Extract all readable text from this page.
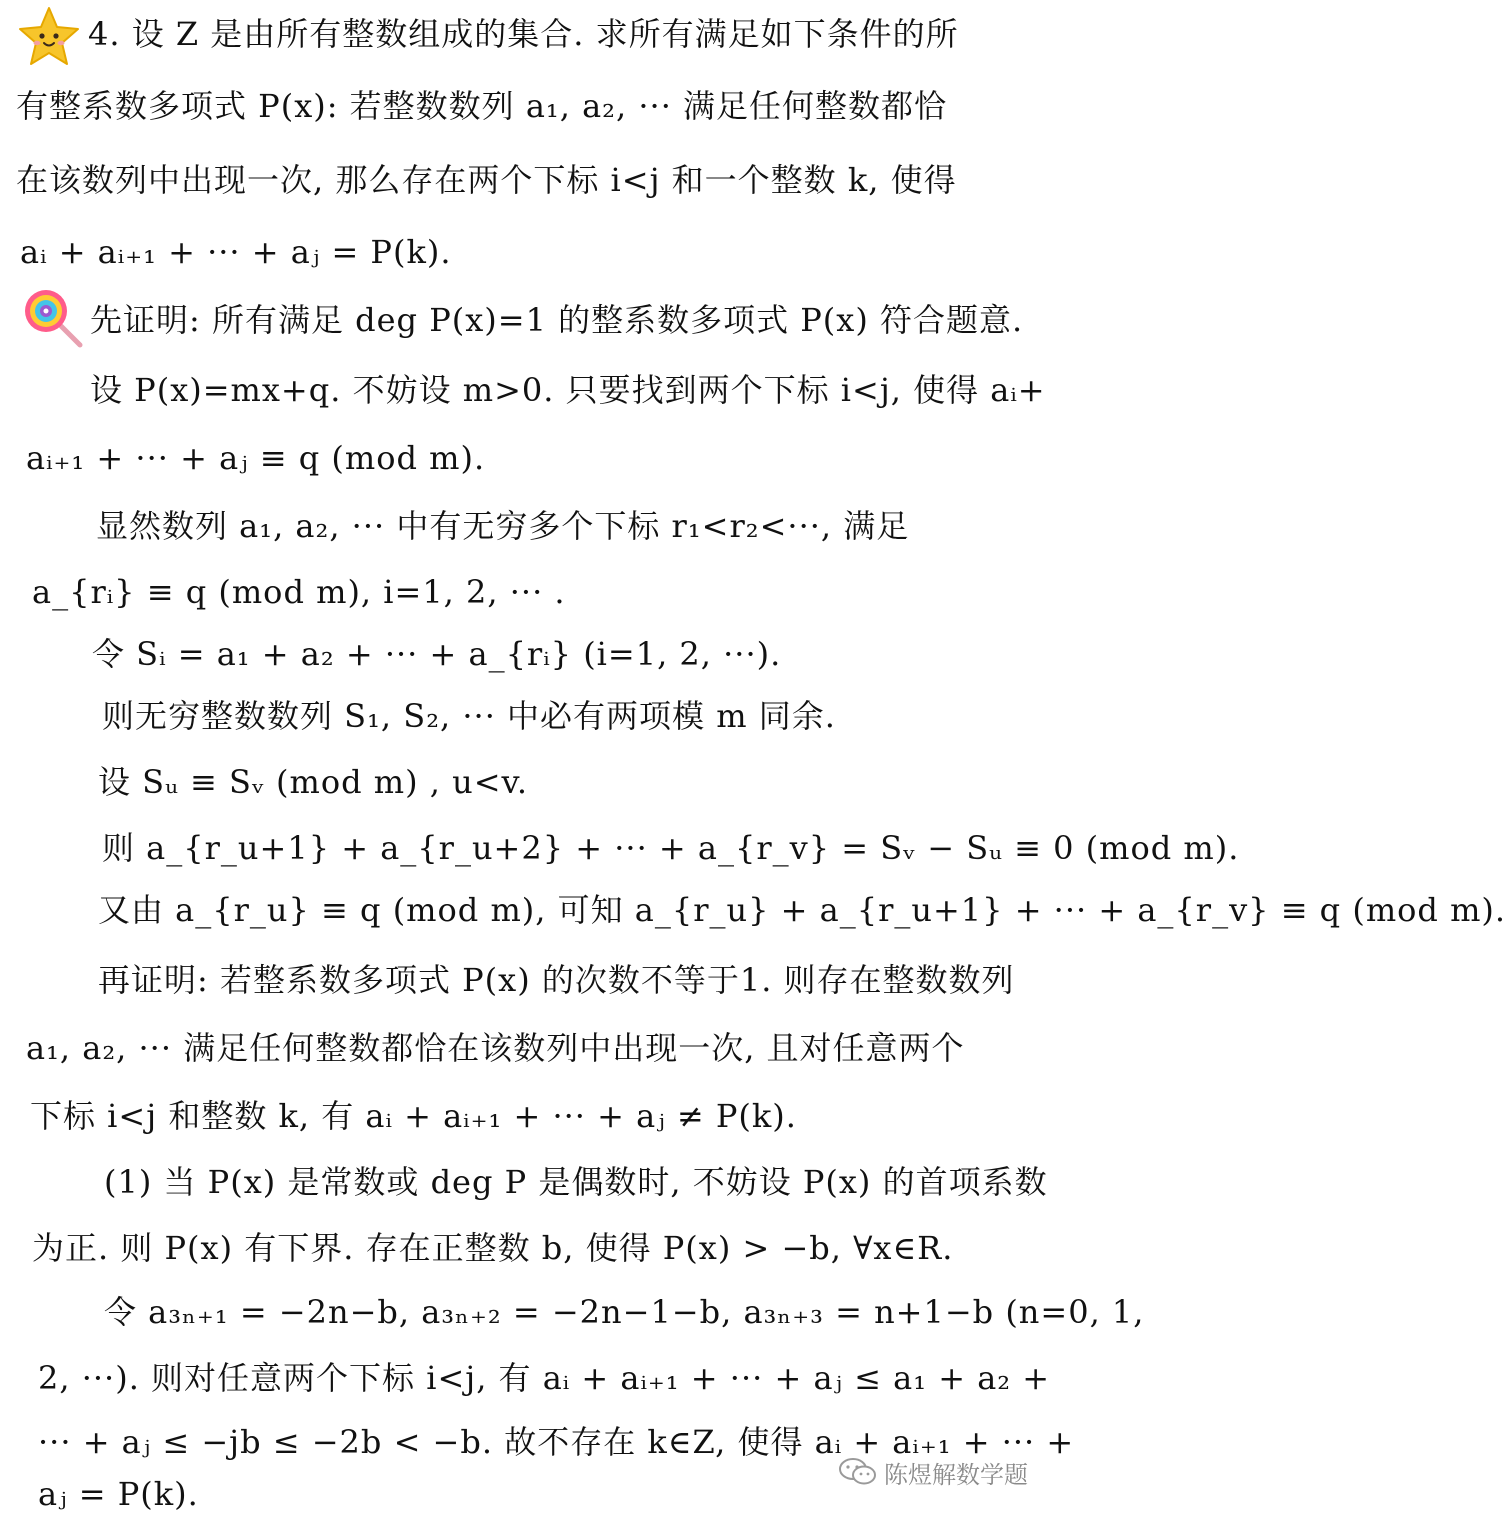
4. 设 Z 是由所有整数组成的集合. 求所有满足如下条件的所
有整系数多项式 P(x): 若整数数列 a₁, a₂, ··· 满足任何整数都恰
在该数列中出现一次, 那么存在两个下标 i<j 和一个整数 k, 使得
aᵢ + aᵢ₊₁ + ··· + aⱼ = P(k).
先证明: 所有满足 deg P(x)=1 的整系数多项式 P(x) 符合题意.
设 P(x)=mx+q. 不妨设 m>0. 只要找到两个下标 i<j, 使得 aᵢ+
aᵢ₊₁ + ··· + aⱼ ≡ q (mod m).
显然数列 a₁, a₂, ··· 中有无穷多个下标 r₁<r₂<···, 满足
a_{rᵢ} ≡ q (mod m), i=1, 2, ··· .
令 Sᵢ = a₁ + a₂ + ··· + a_{rᵢ} (i=1, 2, ···).
则无穷整数数列 S₁, S₂, ··· 中必有两项模 m 同余.
设 Sᵤ ≡ Sᵥ (mod m) , u<v.
则 a_{r_u+1} + a_{r_u+2} + ··· + a_{r_v} = Sᵥ − Sᵤ ≡ 0 (mod m).
又由 a_{r_u} ≡ q (mod m), 可知 a_{r_u} + a_{r_u+1} + ··· + a_{r_v} ≡ q (mod m).
再证明: 若整系数多项式 P(x) 的次数不等于1. 则存在整数数列
a₁, a₂, ··· 满足任何整数都恰在该数列中出现一次, 且对任意两个
下标 i<j 和整数 k, 有 aᵢ + aᵢ₊₁ + ··· + aⱼ ≠ P(k).
(1) 当 P(x) 是常数或 deg P 是偶数时, 不妨设 P(x) 的首项系数
为正. 则 P(x) 有下界. 存在正整数 b, 使得 P(x) > −b, ∀x∈R.
令 a₃ₙ₊₁ = −2n−b, a₃ₙ₊₂ = −2n−1−b, a₃ₙ₊₃ = n+1−b (n=0, 1,
2, ···). 则对任意两个下标 i<j, 有 aᵢ + aᵢ₊₁ + ··· + aⱼ ≤ a₁ + a₂ +
··· + aⱼ ≤ −jb ≤ −2b < −b. 故不存在 k∈Z, 使得 aᵢ + aᵢ₊₁ + ··· +
aⱼ = P(k).
陈煜解数学题
